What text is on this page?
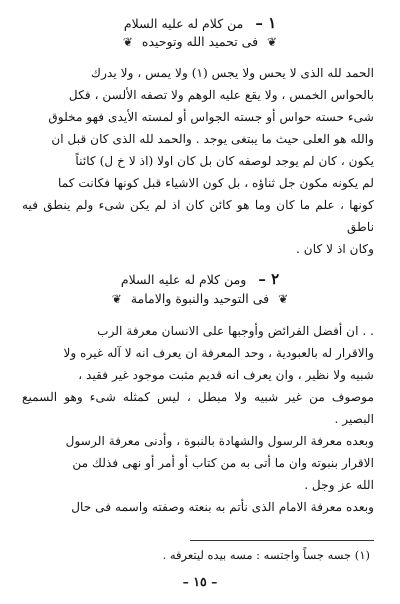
١ – من كلام له عليه السلام
❦ فى تحميد الله وتوحيده ❦

الحمد لله الذى لا يحس ولا يجس (١) ولا يمس ، ولا يدرك

بالحواس الخمس ، ولا يقع عليه الوهم ولا تصفه الألسن ، فكل

شىء حسته حواس أو جسته الجواس أو لمسته الأيدى فهو مخلوق

والله هو العلى حيث ما يبتغى يوجد . والحمد لله الذى كان قبل ان

يكون ، كان لم يوجد لوصفه كان بل كان اولا (اذ لا خ ل) كائناً

لم يكونه مكون جل ثناؤه ، بل كون الاشياء قبل كونها فكانت كما

كونها ، علم ما كان وما هو كائن كان اذ لم يكن شىء ولم ينطق فيه ناطق

وكان اذ لا كان .

٢ – ومن كلام له عليه السلام
❦ فى التوحيد والنبوة والامامة ❦

. . ان أفضل الفرائض وأوجبها على الانسان معرفة الرب

والاقرار له بالعبودية ، وحد المعرفة ان يعرف انه لا آله غيره ولا

شبيه ولا نظير ، وان يعرف انه قديم مثبت موجود غير فقيد ،

موصوف من غير شبيه ولا مبطل ، ليس كمثله شىء وهو السميع البصير .

وبعده معرفة الرسول والشهادة بالنبوة ، وأدنى معرفة الرسول

الاقرار بنبوته وان ما أتى به من كتاب أو أمر أو نهى فذلك من

الله عز وجل .

وبعده معرفة الامام الذى نأتم به بنعته وصفته واسمه فى حال

(١) جسه جساً واجتسه : مسه بيده ليتعرفه .
– ١٥ –
